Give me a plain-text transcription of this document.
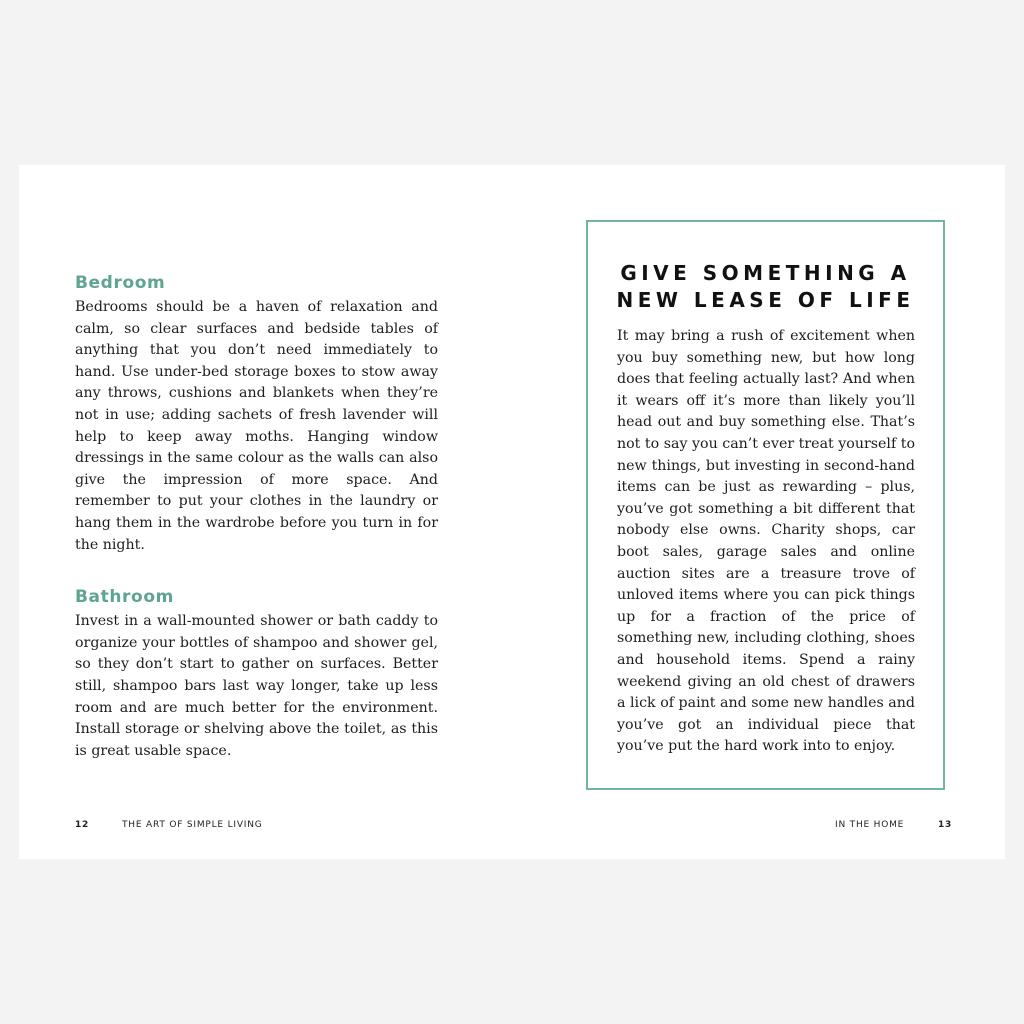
Bedroom

Bedrooms should be a haven of relaxation and calm, so clear surfaces and bedside tables of anything that you don’t need immediately to hand. Use under-bed storage boxes to stow away any throws, cushions and blankets when they’re not in use; adding sachets of fresh lavender will help to keep away moths. Hanging window dressings in the same colour as the walls can also give the impression of more space. And remember to put your clothes in the laundry or hang them in the wardrobe before you turn in for the night.

Bathroom

Invest in a wall-mounted shower or bath caddy to organize your bottles of shampoo and shower gel, so they don’t start to gather on surfaces. Better still, shampoo bars last way longer, take up less room and are much better for the environment. Install storage or shelving above the toilet, as this is great usable space.

GIVE SOMETHING A NEW LEASE OF LIFE

It may bring a rush of excitement when you buy something new, but how long does that feeling actually last? And when it wears off it’s more than likely you’ll head out and buy something else. That’s not to say you can’t ever treat yourself to new things, but investing in second-hand items can be just as rewarding – plus, you’ve got something a bit different that nobody else owns. Charity shops, car boot sales, garage sales and online auction sites are a treasure trove of unloved items where you can pick things up for a fraction of the price of something new, including clothing, shoes and household items. Spend a rainy weekend giving an old chest of drawers a lick of paint and some new handles and you’ve got an individual piece that you’ve put the hard work into to enjoy.

12	THE ART OF SIMPLE LIVING	IN THE HOME	13
